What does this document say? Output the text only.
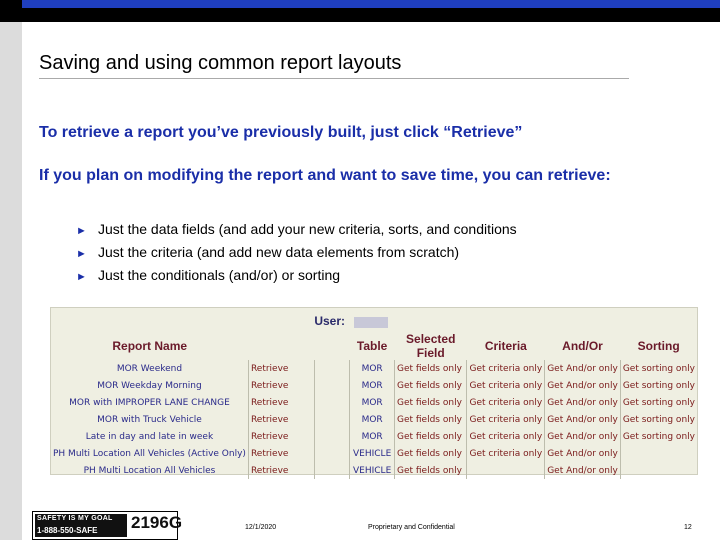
Saving and using common report layouts
To retrieve a report you’ve previously built, just click “Retrieve”
If you plan on modifying the report and want to save time, you can retrieve:
► Just the data fields (and add your new criteria, sorts, and conditions
► Just the criteria (and add new data elements from scratch)
► Just the conditionals (and/or) or sorting
User:
Report Name			Table	Selected Field	Criteria	And/Or	Sorting
MOR Weekend	Retrieve		MOR	Get fields only	Get criteria only	Get And/or only	Get sorting only
MOR Weekday Morning	Retrieve		MOR	Get fields only	Get criteria only	Get And/or only	Get sorting only
MOR with IMPROPER LANE CHANGE	Retrieve		MOR	Get fields only	Get criteria only	Get And/or only	Get sorting only
MOR with Truck Vehicle	Retrieve		MOR	Get fields only	Get criteria only	Get And/or only	Get sorting only
Late in day and late in week	Retrieve		MOR	Get fields only	Get criteria only	Get And/or only	Get sorting only
PH Multi Location All Vehicles (Active Only)	Retrieve		VEHICLE	Get fields only	Get criteria only	Get And/or only	
PH Multi Location All Vehicles	Retrieve		VEHICLE	Get fields only		Get And/or only	
SAFETY IS MY GOAL
1-888-550-SAFE 2196G	12/1/2020	Proprietary and Confidential	12
